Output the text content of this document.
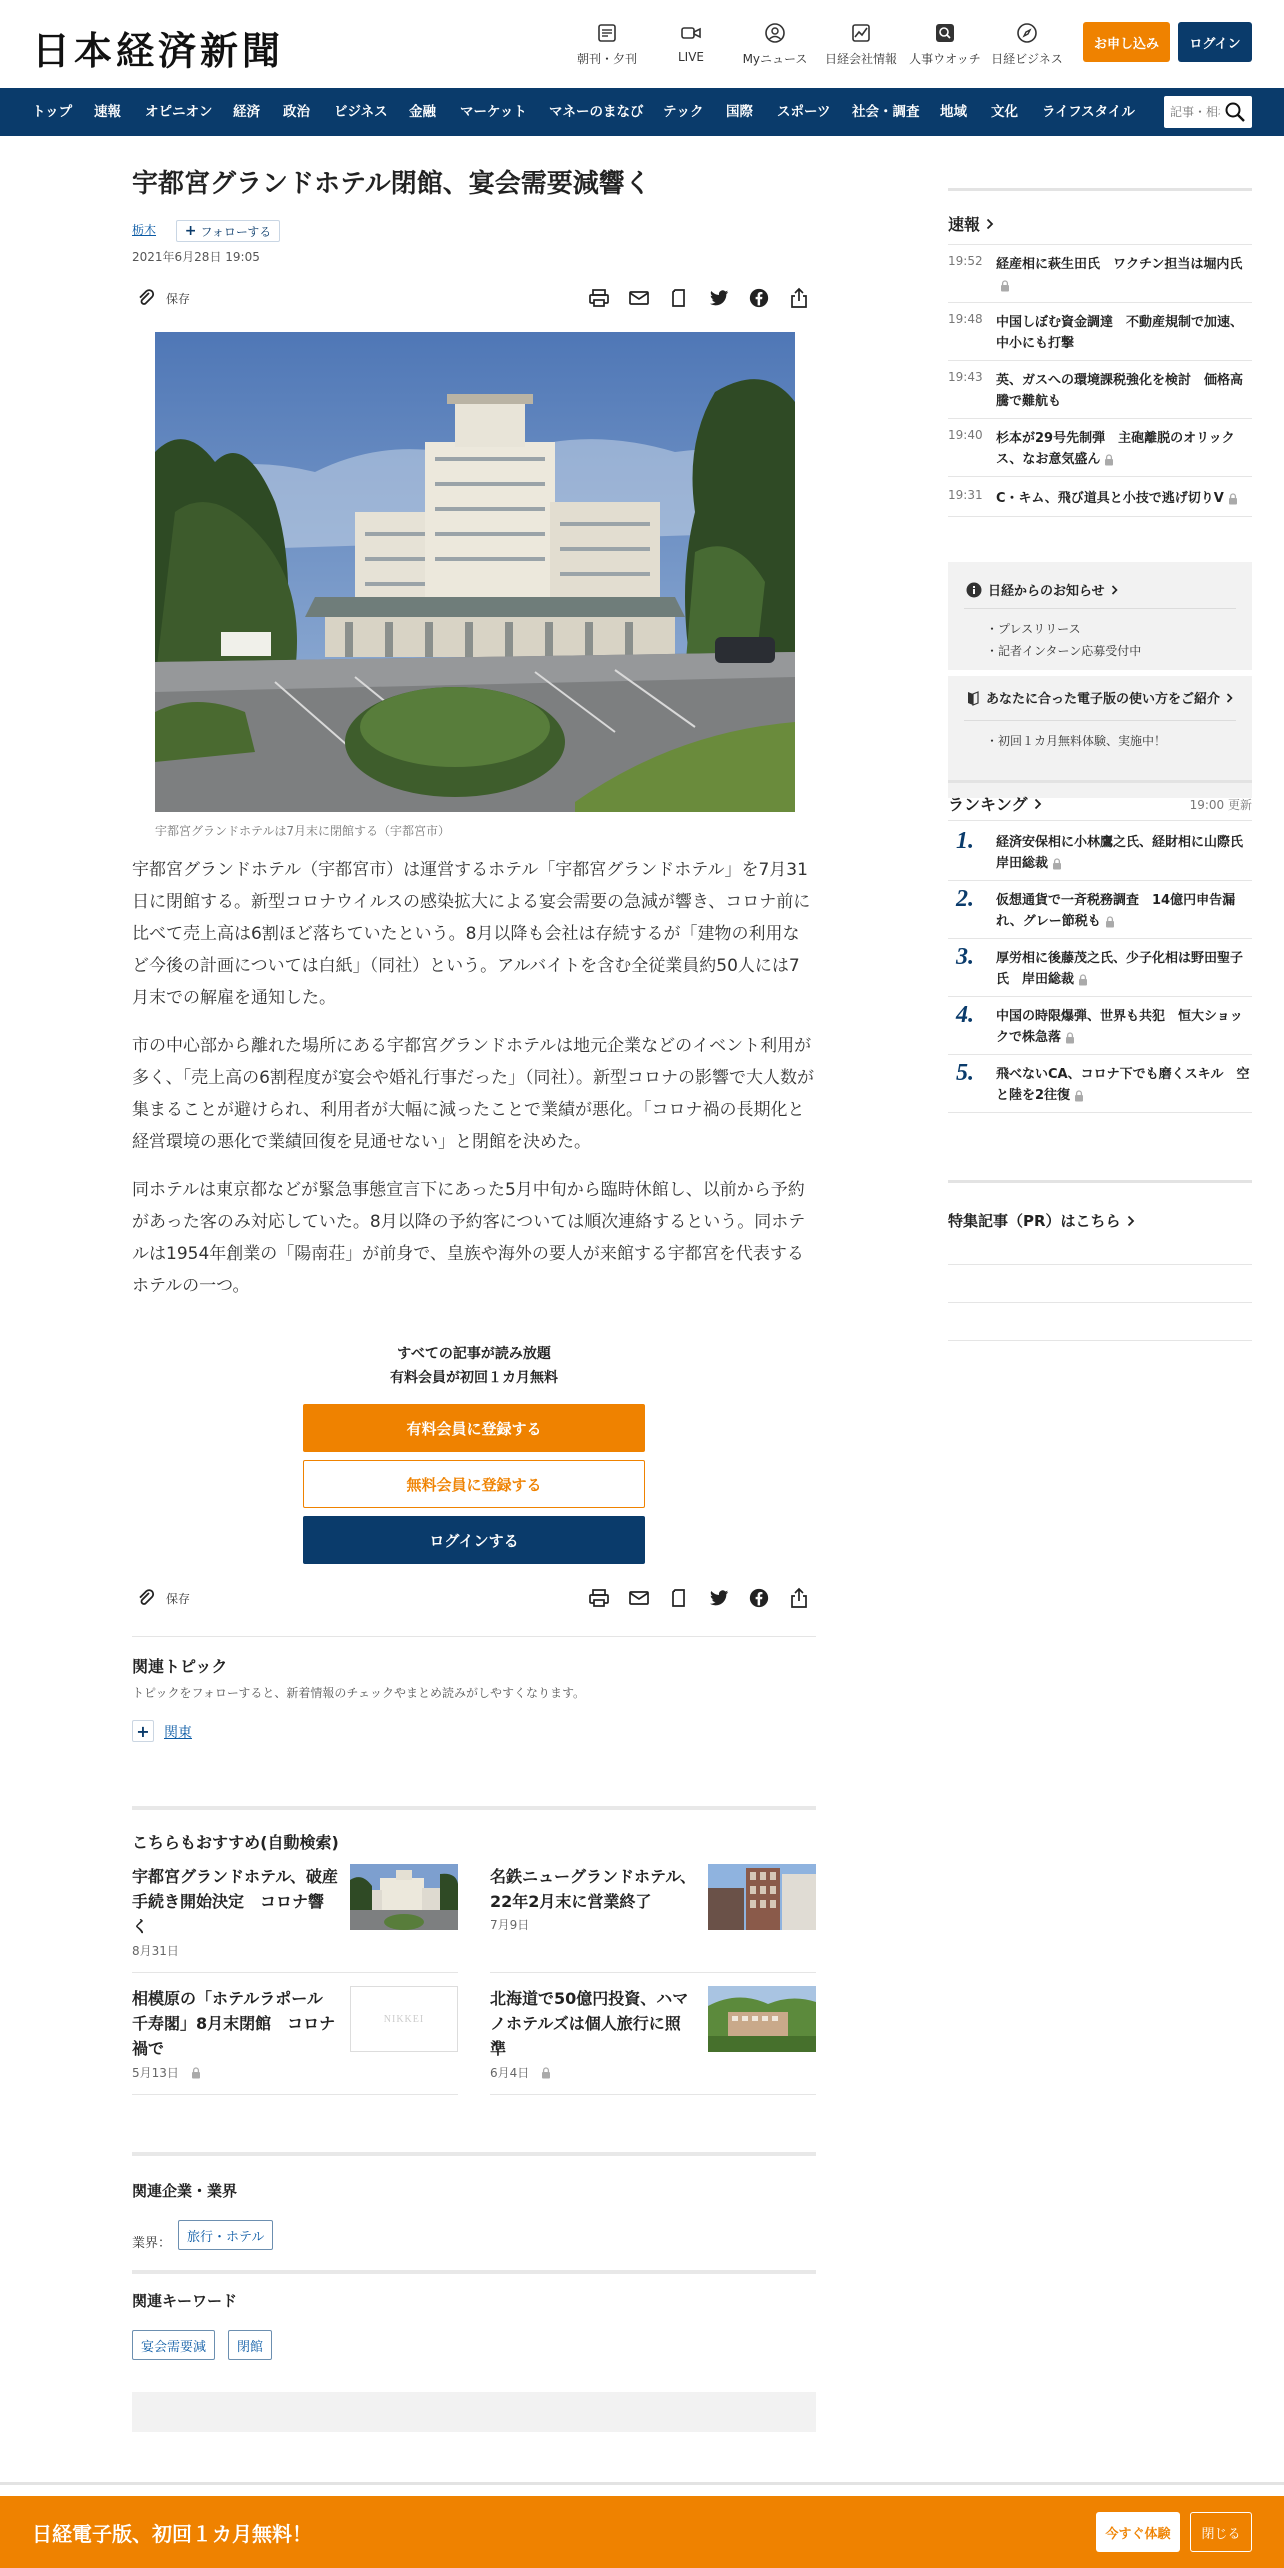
日本経済新聞	朝刊・夕刊	LIVE	Myニュース	日経会社情報	人事ウオッチ 日経ビジネス
お申し込み	ログイン
トップ 速報 オピニオン 経済 政治 ビジネス 金融 マーケット マネーのまなび テック 国際 スポーツ 社会・調査 地域 文化 ライフスタイル
記事・相場
宇都宮グランドホテル閉館、宴会需要減響く
栃木 + フォローする
2021年6月28日 19:05
保存
宇都宮グランドホテルは7月末に閉館する（宇都宮市）

宇都宮グランドホテル（宇都宮市）は運営するホテル「宇都宮グランドホテル」を7月31日に閉館する。新型コロナウイルスの感染拡大による宴会需要の急減が響き、コロナ前に比べて売上高は6割ほど落ちていたという。8月以降も会社は存続するが「建物の利用など今後の計画については白紙」（同社）という。アルバイトを含む全従業員約50人には7月末での解雇を通知した。

市の中心部から離れた場所にある宇都宮グランドホテルは地元企業などのイベント利用が多く、「売上高の6割程度が宴会や婚礼行事だった」（同社）。新型コロナの影響で大人数が集まることが避けられ、利用者が大幅に減ったことで業績が悪化。「コロナ禍の長期化と経営環境の悪化で業績回復を見通せない」と閉館を決めた。

同ホテルは東京都などが緊急事態宣言下にあった5月中旬から臨時休館し、以前から予約があった客のみ対応していた。8月以降の予約客については順次連絡するという。同ホテルは1954年創業の「陽南荘」が前身で、皇族や海外の要人が来館する宇都宮を代表するホテルの一つ。

すべての記事が読み放題
有料会員が初回１カ月無料
有料会員に登録する
無料会員に登録する
ログインする
保存
関連トピック
トピックをフォローすると、新着情報のチェックやまとめ読みがしやすくなります。
+ 関東
こちらもおすすめ(自動検索)
宇都宮グランドホテル、破産手続き開始決定　コロナ響く
8月31日
名鉄ニューグランドホテル、22年2月末に営業終了
7月9日
相模原の「ホテルラポール千寿閣」8月末閉館　コロナ禍で
5月13日
NIKKEI
北海道で50億円投資、ハマノホテルズは個人旅行に照準
6月4日
関連企業・業界
業界：	旅行・ホテル
関連キーワード
宴会需要減	閉館
速報
19:52 経産相に萩生田氏　ワクチン担当は堀内氏
19:48 中国しぼむ資金調達　不動産規制で加速、中小にも打撃
19:43 英、ガスへの環境課税強化を検討　価格高騰で難航も
19:40 杉本が29号先制弾　主砲離脱のオリックス、なお意気盛ん
19:31 C・キム、飛び道具と小技で逃げ切りV
日経からのお知らせ
・プレスリリース
・記者インターン応募受付中
あなたに合った電子版の使い方をご紹介
・初回１カ月無料体験、実施中！
ランキング	19:00 更新
1. 経済安保相に小林鷹之氏、経財相に山際氏　岸田総裁
2. 仮想通貨で一斉税務調査　14億円申告漏れ、グレー節税も
3. 厚労相に後藤茂之氏、少子化相は野田聖子氏　岸田総裁
4. 中国の時限爆弾、世界も共犯　恒大ショックで株急落
5. 飛べないCA、コロナ下でも磨くスキル　空と陸を2往復
特集記事（PR）はこちら
日経電子版、初回１カ月無料！	今すぐ体験	閉じる
